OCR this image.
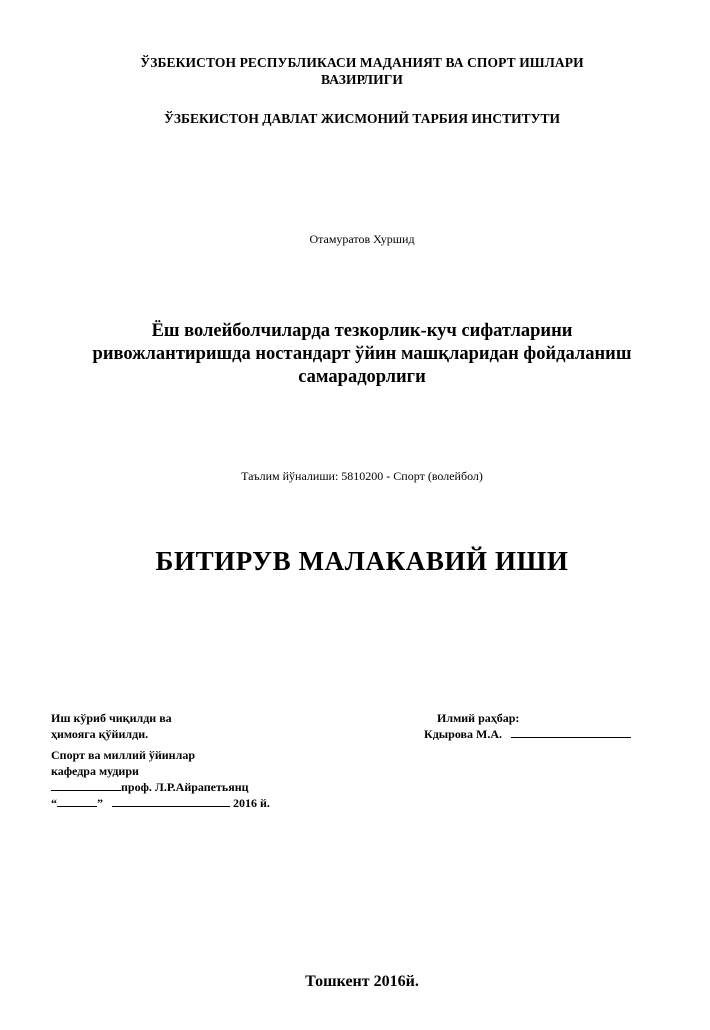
ЎЗБЕКИСТОН РЕСПУБЛИКАСИ МАДАНИЯТ ВА СПОРТ ИШЛАРИ
ВАЗИРЛИГИ
ЎЗБЕКИСТОН ДАВЛАТ ЖИСМОНИЙ ТАРБИЯ ИНСТИТУТИ
Отамуратов Хуршид
Ёш волейболчиларда тезкорлик-куч сифатларини
ривожлантиришда ностандарт ўйин машқларидан фойдаланиш
самарадорлиги
Таълим йўналиши: 5810200 - Спорт (волейбол)
БИТИРУВ МАЛАКАВИЙ ИШИ
Иш кўриб чиқилди ва
ҳимояга қўйилди.
Спорт ва миллий ўйинлар
кафедра мудири
проф. Л.Р.Айрапетьянц
“	”	2016 й.
Илмий раҳбар:
Кдырова М.А.
Тошкент 2016й.
